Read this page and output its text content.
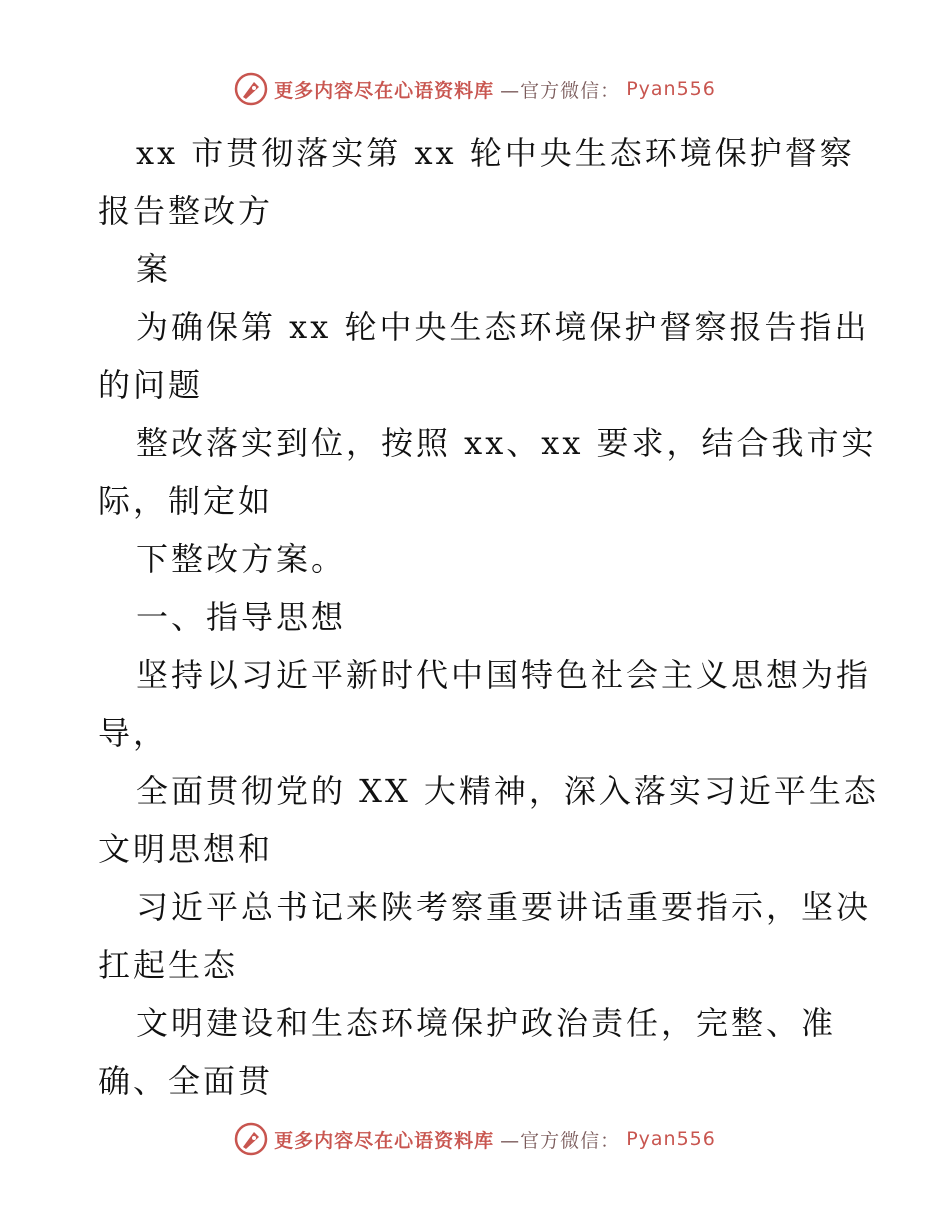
更多内容尽在心语资料库 —官方微信： Pyan556
xx 市贯彻落实第 xx 轮中央生态环境保护督察
报告整改方
案
为确保第 xx 轮中央生态环境保护督察报告指出
的问题
整改落实到位，按照 xx、xx 要求，结合我市实
际，制定如
下整改方案。
一、指导思想
坚持以习近平新时代中国特色社会主义思想为指
导，
全面贯彻党的 XX 大精神，深入落实习近平生态
文明思想和
习近平总书记来陕考察重要讲话重要指示，坚决
扛起生态
文明建设和生态环境保护政治责任，完整、准
确、全面贯
更多内容尽在心语资料库 —官方微信： Pyan556
